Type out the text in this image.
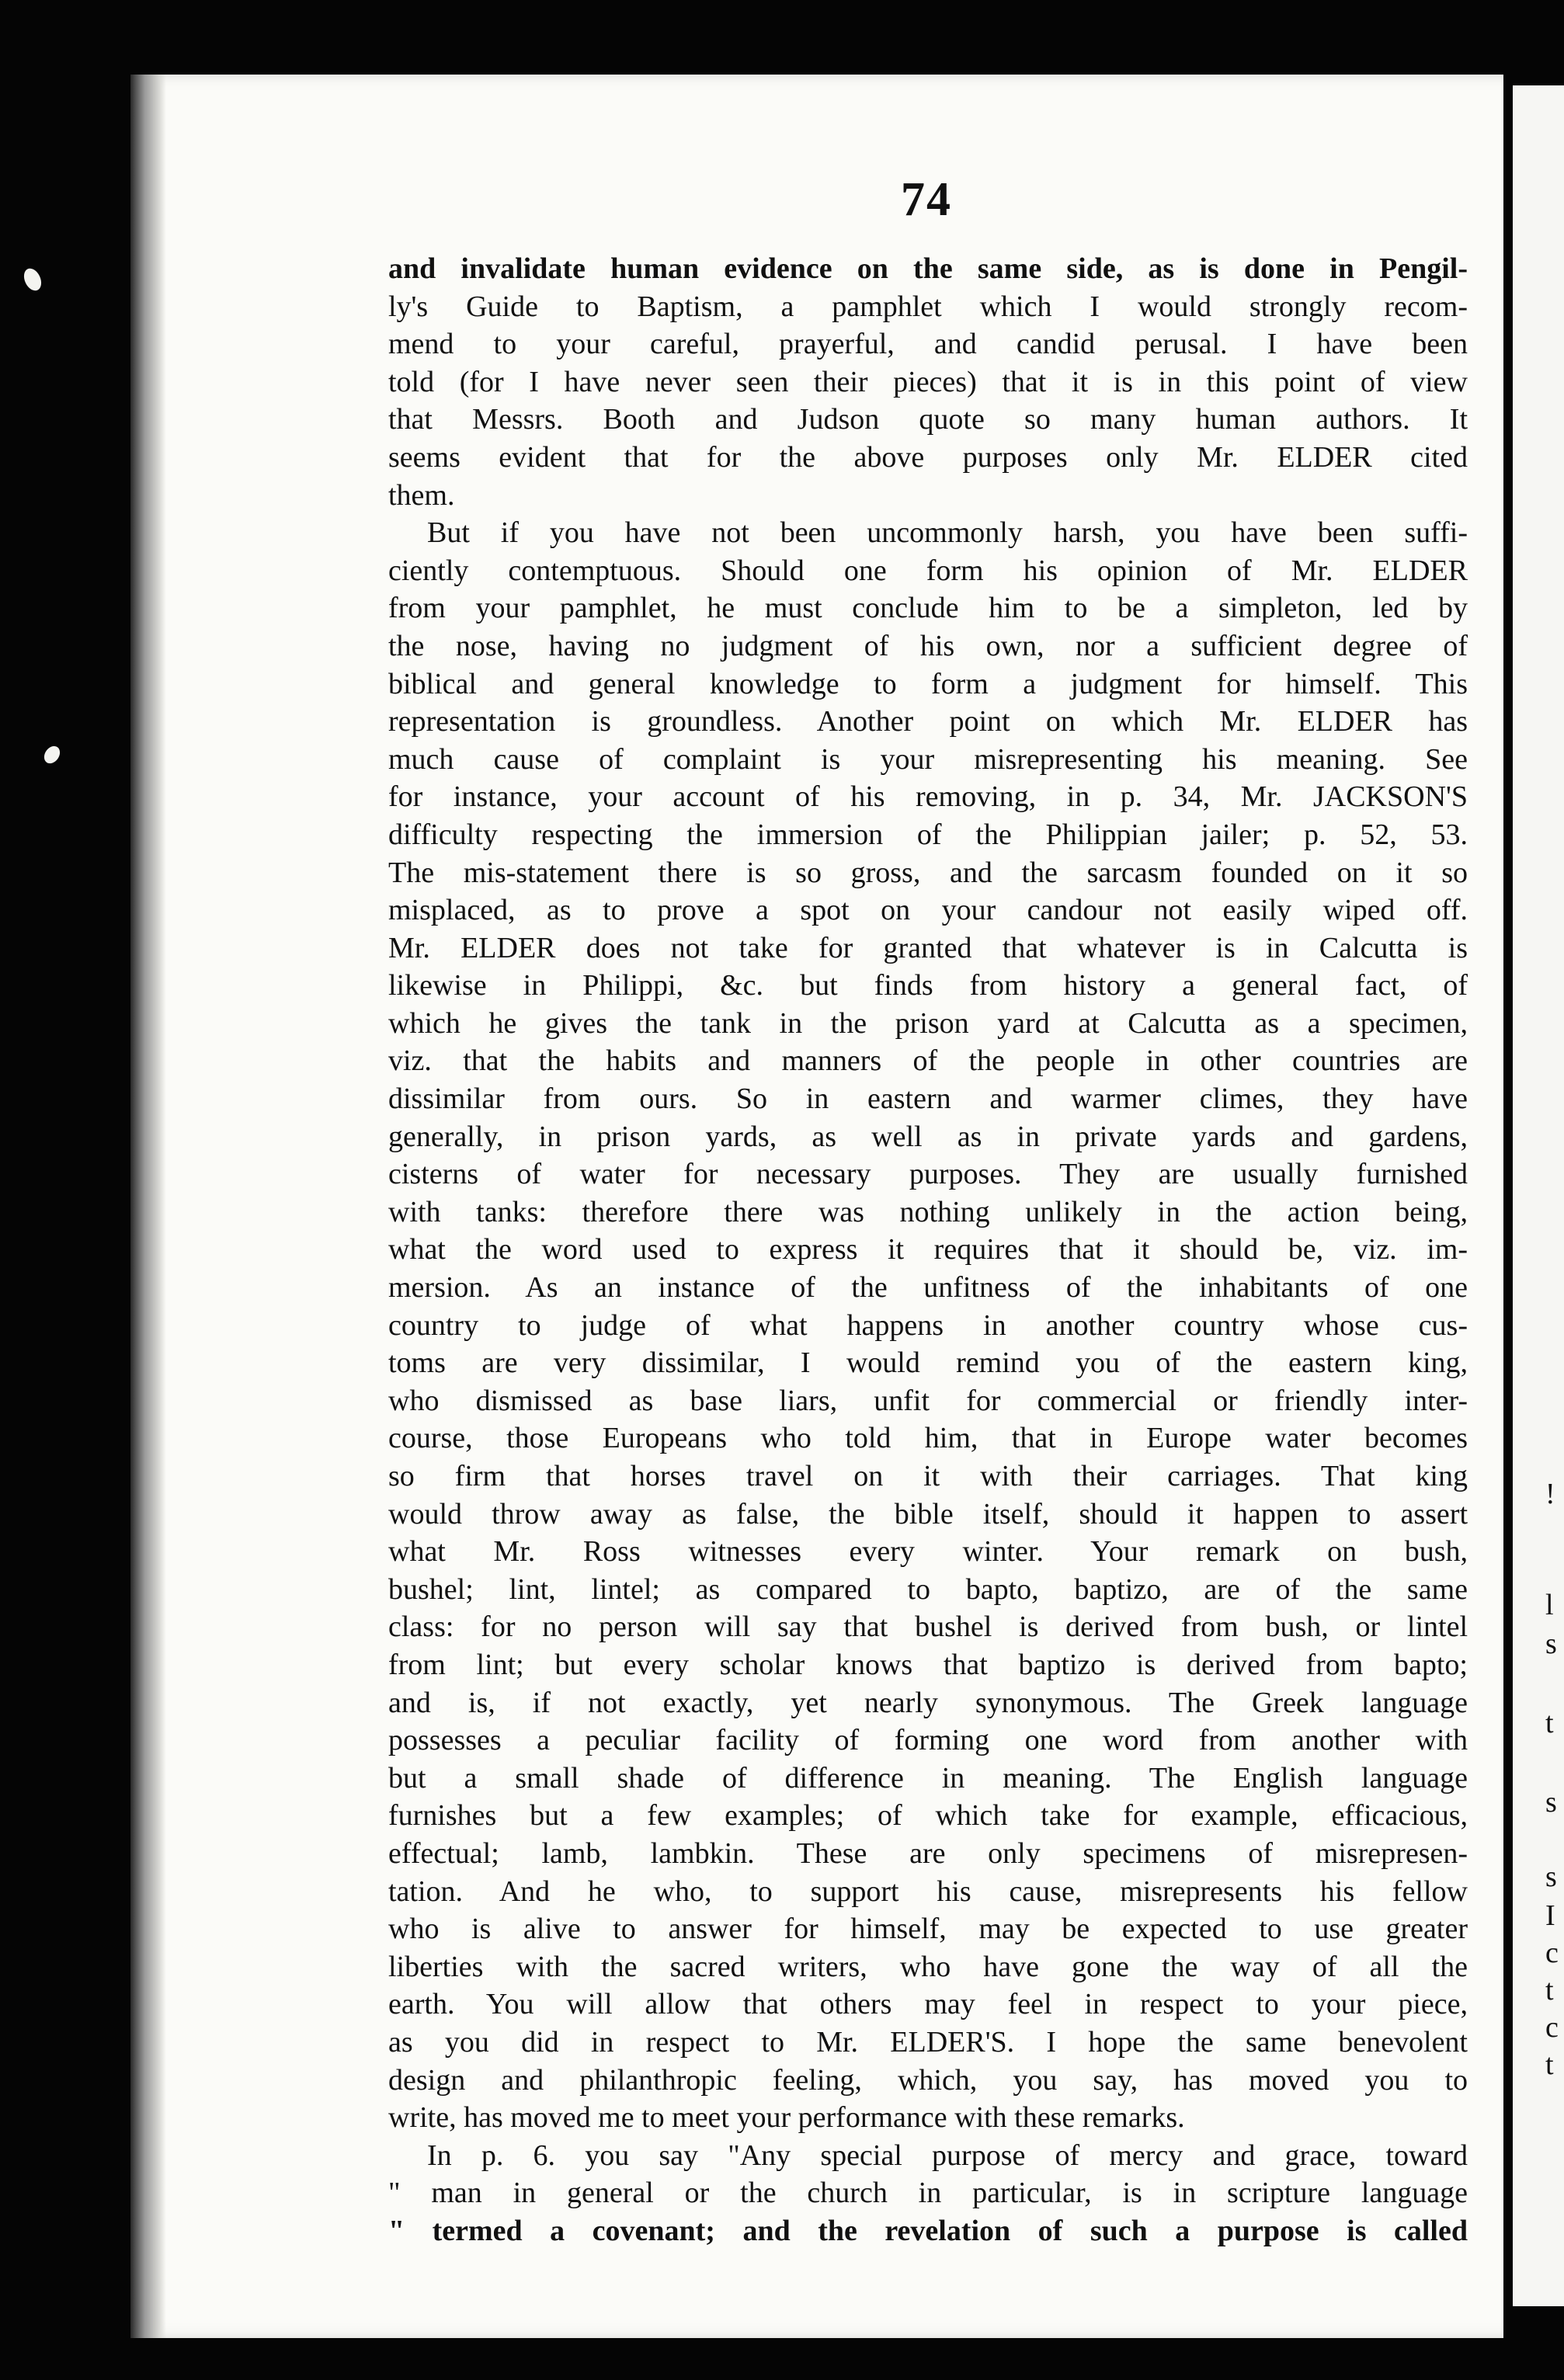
!
l
s
t
s
s
I
c
t
c
t
74
and invalidate human evidence on the same side, as is done in Pengil-
ly's Guide to Baptism, a pamphlet which I would strongly recom-
mend to your careful, prayerful, and candid perusal. I have been
told (for I have never seen their pieces) that it is in this point of view
that Messrs. Booth and Judson quote so many human authors. It
seems evident that for the above purposes only Mr. ELDER cited
them.
But if you have not been uncommonly harsh, you have been suffi-
ciently contemptuous. Should one form his opinion of Mr. ELDER
from your pamphlet, he must conclude him to be a simpleton, led by
the nose, having no judgment of his own, nor a sufficient degree of
biblical and general knowledge to form a judgment for himself. This
representation is groundless. Another point on which Mr. ELDER has
much cause of complaint is your misrepresenting his meaning. See
for instance, your account of his removing, in p. 34, Mr. JACKSON'S
difficulty respecting the immersion of the Philippian jailer; p. 52, 53.
The mis-statement there is so gross, and the sarcasm founded on it so
misplaced, as to prove a spot on your candour not easily wiped off.
Mr. ELDER does not take for granted that whatever is in Calcutta is
likewise in Philippi, &c. but finds from history a general fact, of
which he gives the tank in the prison yard at Calcutta as a specimen,
viz. that the habits and manners of the people in other countries are
dissimilar from ours. So in eastern and warmer climes, they have
generally, in prison yards, as well as in private yards and gardens,
cisterns of water for necessary purposes. They are usually furnished
with tanks: therefore there was nothing unlikely in the action being,
what the word used to express it requires that it should be, viz. im-
mersion. As an instance of the unfitness of the inhabitants of one
country to judge of what happens in another country whose cus-
toms are very dissimilar, I would remind you of the eastern king,
who dismissed as base liars, unfit for commercial or friendly inter-
course, those Europeans who told him, that in Europe water becomes
so firm that horses travel on it with their carriages. That king
would throw away as false, the bible itself, should it happen to assert
what Mr. Ross witnesses every winter. Your remark on bush,
bushel; lint, lintel; as compared to bapto, baptizo, are of the same
class: for no person will say that bushel is derived from bush, or lintel
from lint; but every scholar knows that baptizo is derived from bapto;
and is, if not exactly, yet nearly synonymous. The Greek language
possesses a peculiar facility of forming one word from another with
but a small shade of difference in meaning. The English language
furnishes but a few examples; of which take for example, efficacious,
effectual; lamb, lambkin. These are only specimens of misrepresen-
tation. And he who, to support his cause, misrepresents his fellow
who is alive to answer for himself, may be expected to use greater
liberties with the sacred writers, who have gone the way of all the
earth. You will allow that others may feel in respect to your piece,
as you did in respect to Mr. ELDER'S. I hope the same benevolent
design and philanthropic feeling, which, you say, has moved you to
write, has moved me to meet your performance with these remarks.
In p. 6. you say "Any special purpose of mercy and grace, toward
" man in general or the church in particular, is in scripture language
" termed a covenant; and the revelation of such a purpose is called
